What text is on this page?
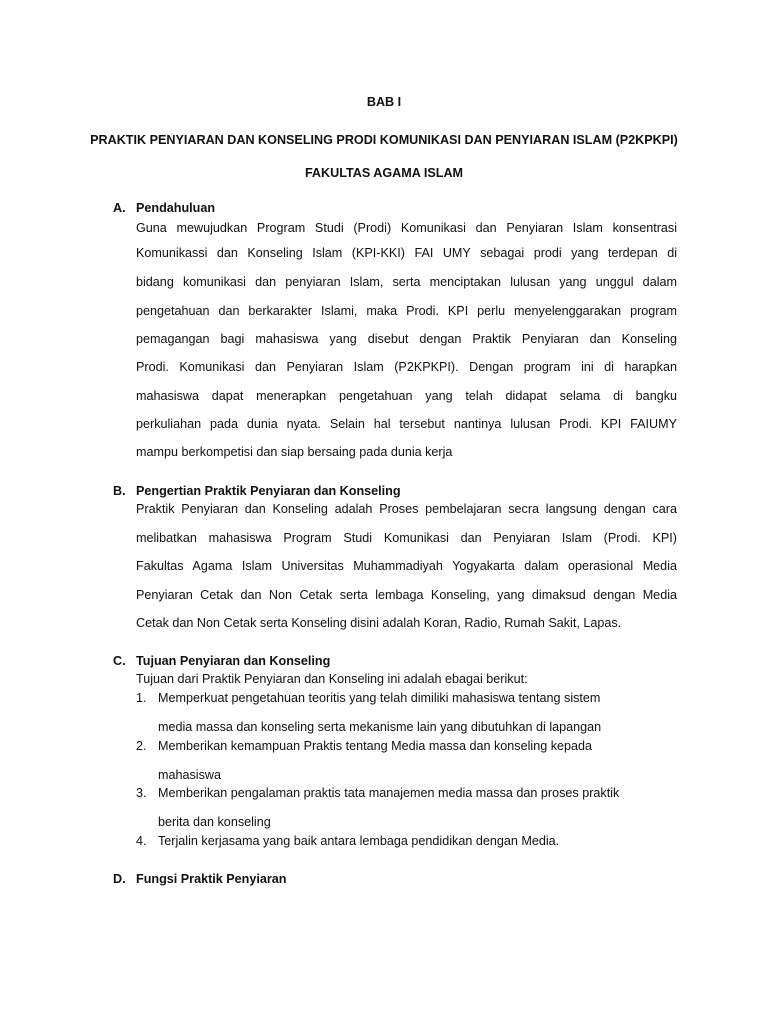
BAB I
PRAKTIK PENYIARAN DAN KONSELING PRODI KOMUNIKASI DAN PENYIARAN ISLAM (P2KPKPI)
FAKULTAS AGAMA ISLAM
A. Pendahuluan
Guna mewujudkan Program Studi (Prodi) Komunikasi dan Penyiaran Islam konsentrasi
Komunikassi dan Konseling Islam (KPI-KKI) FAI UMY sebagai prodi yang terdepan di
bidang komunikasi dan penyiaran Islam, serta menciptakan lulusan yang unggul dalam
pengetahuan dan berkarakter Islami, maka Prodi. KPI perlu menyelenggarakan program
pemagangan bagi mahasiswa yang disebut dengan Praktik Penyiaran dan Konseling
Prodi. Komunikasi dan Penyiaran Islam (P2KPKPI). Dengan program ini di harapkan
mahasiswa dapat menerapkan pengetahuan yang telah didapat selama di bangku
perkuliahan pada dunia nyata. Selain hal tersebut nantinya lulusan Prodi. KPI FAIUMY
mampu berkompetisi dan siap bersaing pada dunia kerja
B. Pengertian Praktik Penyiaran dan Konseling
Praktik Penyiaran dan Konseling adalah Proses pembelajaran secra langsung dengan cara
melibatkan mahasiswa Program Studi Komunikasi dan Penyiaran Islam (Prodi. KPI)
Fakultas Agama Islam Universitas Muhammadiyah Yogyakarta dalam operasional Media
Penyiaran Cetak dan Non Cetak serta lembaga Konseling, yang dimaksud dengan Media
Cetak dan Non Cetak serta Konseling disini adalah Koran, Radio, Rumah Sakit, Lapas.
C. Tujuan Penyiaran dan Konseling
Tujuan dari Praktik Penyiaran dan Konseling ini adalah ebagai berikut:
1. Memperkuat pengetahuan teoritis yang telah dimiliki mahasiswa tentang sistem
media massa dan konseling serta mekanisme lain yang dibutuhkan di lapangan
2. Memberikan kemampuan Praktis tentang Media massa dan konseling kepada
mahasiswa
3. Memberikan pengalaman praktis tata manajemen media massa dan proses praktik
berita dan konseling
4. Terjalin kerjasama yang baik antara lembaga pendidikan dengan Media.
D. Fungsi Praktik Penyiaran
